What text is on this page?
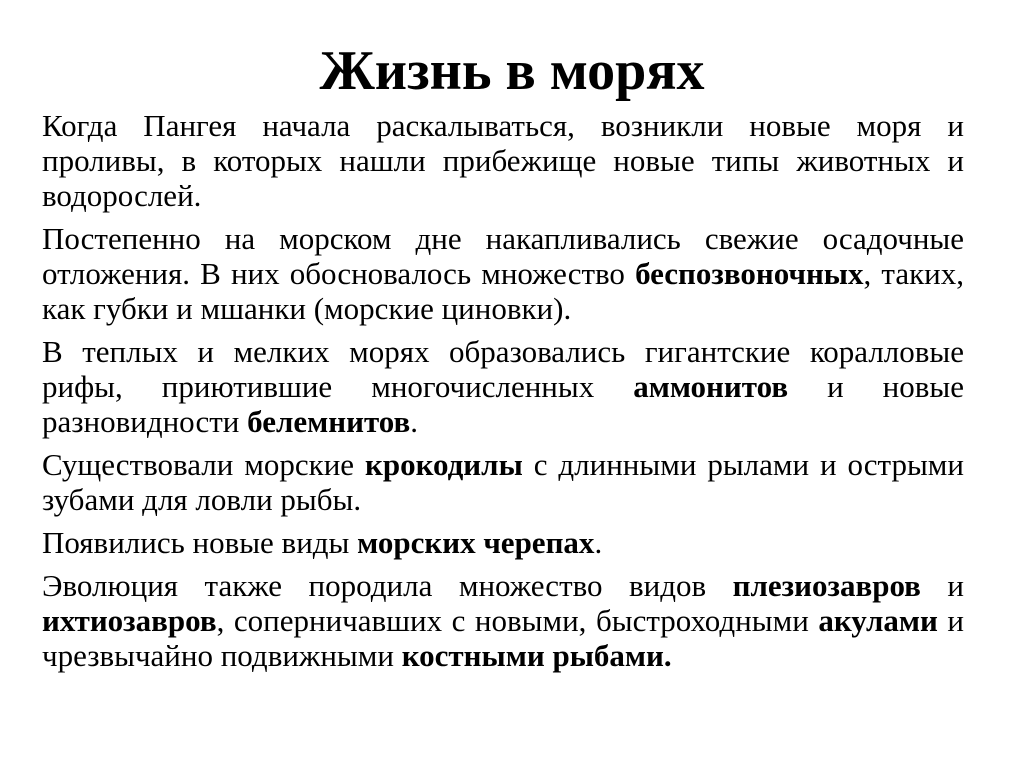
Жизнь в морях

Когда Пангея начала раскалываться, возникли новые моря и проливы, в которых нашли прибежище новые типы животных и водорослей.

Постепенно на морском дне накапливались свежие осадочные отложения. В них обосновалось множество беспозвоночных, таких, как губки и мшанки (морские циновки).

В теплых и мелких морях образовались гигантские коралловые рифы, приютившие многочисленных аммонитов и новые разновидности белемнитов.

Существовали морские крокодилы с длинными рылами и острыми зубами для ловли рыбы.

Появились новые виды морских черепах.

Эволюция также породила множество видов плезиозавров и ихтиозавров, соперничавших с новыми, быстроходными акулами и чрезвычайно подвижными костными рыбами.
